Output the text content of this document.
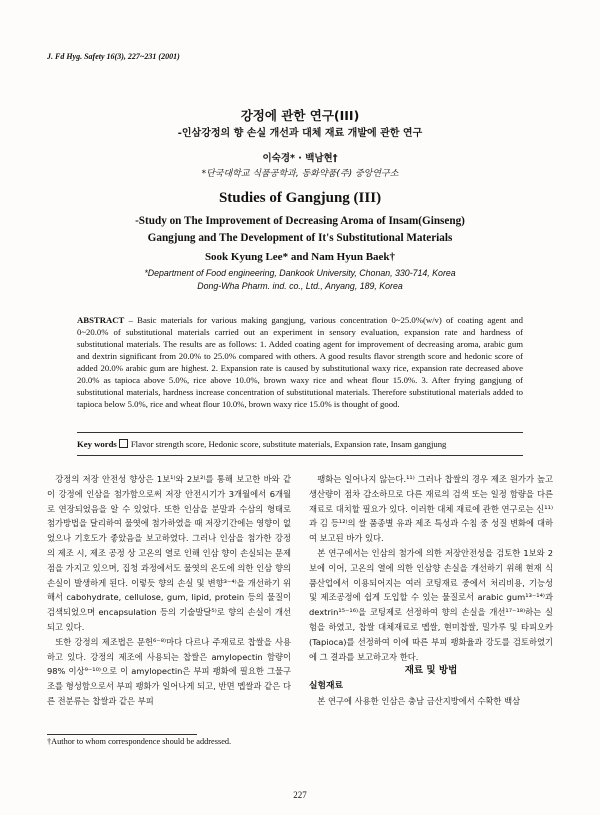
J. Fd Hyg. Safety 16(3), 227~231 (2001)
강정에 관한 연구(III)
-인삼강정의 향 손실 개선과 대체 재료 개발에 관한 연구
이숙경* · 백남현†
*단국대학교 식품공학과, 동화약품(주) 중앙연구소
Studies of Gangjung (III)
-Study on The Improvement of Decreasing Aroma of Insam(Ginseng)
Gangjung and The Development of It's Substitutional Materials
Sook Kyung Lee* and Nam Hyun Baek†
*Department of Food engineering, Dankook University, Chonan, 330-714, Korea
Dong-Wha Pharm. ind. co., Ltd., Anyang, 189, Korea
ABSTRACT – Basic materials for various making gangjung, various concentration 0~25.0%(w/v) of coating agent and 0~20.0% of substitutional materials carried out an experiment in sensory evaluation, expansion rate and hardness of substitutional materials. The results are as follows: 1. Added coating agent for improvement of decreasing aroma, arabic gum and dextrin significant from 20.0% to 25.0% compared with others. A good results flavor strength score and hedonic score of added 20.0% arabic gum are highest. 2. Expansion rate is caused by substitutional waxy rice, expansion rate decreased above 20.0% as tapioca above 5.0%, rice above 10.0%, brown waxy rice and wheat flour 15.0%. 3. After frying gangjung of substitutional materials, hardness increase concentration of substitutional materials. Therefore substitutional materials added to tapioca below 5.0%, rice and wheat flour 10.0%, brown waxy rice 15.0% is thought of good.
Key words Flavor strength score, Hedonic score, substitute materials, Expansion rate, Insam gangjung

강정의 저장 안전성 향상은 1보¹⁾와 2보²⁾를 통해 보고한 바와 같이 강정에 인삼을 첨가함으로써 저장 안전시기가 3개월에서 6개월로 연장되었음을 알 수 있었다. 또한 인삼을 분말과 수삼의 형태로 첨가방법을 달리하여 물엿에 첨가하였을 때 저장기간에는 영향이 없었으나 기호도가 좋았음을 보고하였다. 그러나 인삼을 첨가한 강정의 제조 시, 제조 공정 상 고온의 열로 인해 인삼 향이 손실되는 문제점을 가지고 있으며, 집청 과정에서도 물엿의 온도에 의한 인삼 향의 손실이 발생하게 된다. 이렇듯 향의 손실 및 변향³⁻⁴⁾을 개선하기 위해서 cabohydrate, cellulose, gum, lipid, protein 등의 물질이 검색되었으며 encapsulation 등의 기술발달⁵⁾로 향의 손실이 개선되고 있다.

또한 강정의 제조법은 문헌⁶⁻⁸⁾마다 다르나 주재료로 찹쌀을 사용하고 있다. 강정의 제조에 사용되는 찹쌀은 amylopectin 함량이 98% 이상⁹⁻¹⁰⁾으로 이 amylopectin은 부피 팽화에 필요한 그물구조를 형성함으로서 부피 팽화가 일어나게 되고, 반면 멥쌀과 같은 다른 전분류는 찹쌀과 같은 부피

팽화는 일어나지 않는다.¹¹⁾ 그러나 찹쌀의 경우 제조 원가가 높고 생산량이 점차 감소하므로 다른 재료의 검색 또는 일정 함량을 다른 재료로 대치할 필요가 있다. 이러한 대체 재료에 관한 연구로는 신¹¹⁾과 김 등¹²⁾의 쌀 품종별 유과 제조 특성과 수침 중 성질 변화에 대하여 보고된 바가 있다.

본 연구에서는 인삼의 첨가에 의한 저장안전성을 검토한 1보와 2보에 이어, 고온의 열에 의한 인삼향 손실을 개선하기 위해 현재 식품산업에서 이용되어지는 여러 코팅재료 중에서 처리비용, 기능성 및 제조공정에 쉽게 도입할 수 있는 물질로서 arabic gum¹³⁻¹⁴⁾과 dextrin¹⁵⁻¹⁶⁾을 코팅제로 선정하여 향의 손실을 개선¹⁷⁻¹⁸⁾하는 실험을 하였고, 찹쌀 대체재료로 멥쌀, 현미찹쌀, 밀가루 및 타피오카(Tapioca)를 선정하여 이에 따른 부피 팽화율과 강도를 검토하였기에 그 결과를 보고하고자 한다.

재료 및 방법

실험재료

본 연구에 사용한 인삼은 충남 금산지방에서 수확한 백삼

†Author to whom correspondence should be addressed.
227
